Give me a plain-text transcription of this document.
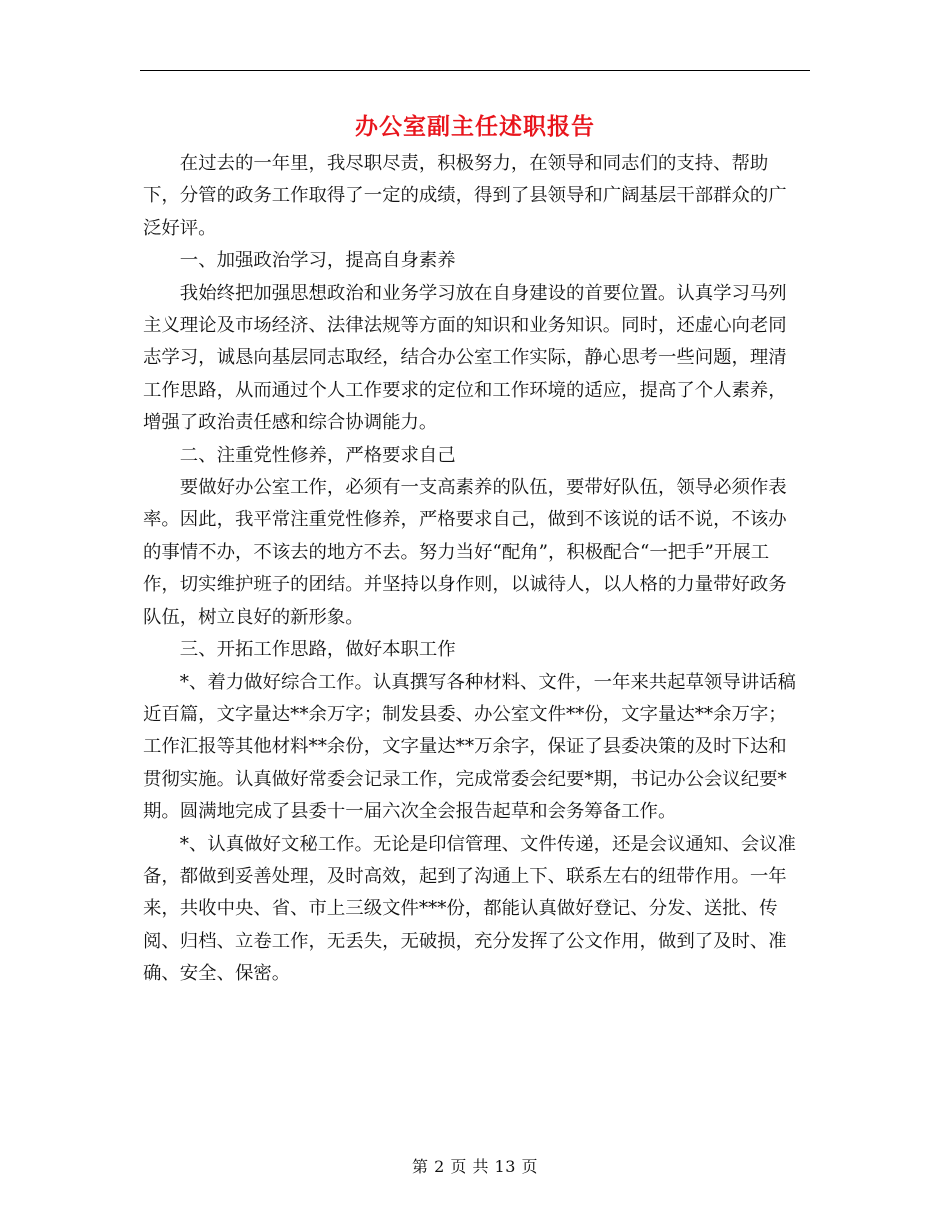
办公室副主任述职报告

在过去的一年里，我尽职尽责，积极努力，在领导和同志们的支持、帮助下，分管的政务工作取得了一定的成绩，得到了县领导和广阔基层干部群众的广泛好评。

一、加强政治学习，提高自身素养

我始终把加强思想政治和业务学习放在自身建设的首要位置。认真学习马列主义理论及市场经济、法律法规等方面的知识和业务知识。同时，还虚心向老同志学习，诚恳向基层同志取经，结合办公室工作实际，静心思考一些问题，理清工作思路，从而通过个人工作要求的定位和工作环境的适应，提高了个人素养，增强了政治责任感和综合协调能力。

二、注重党性修养，严格要求自己

要做好办公室工作，必须有一支高素养的队伍，要带好队伍，领导必须作表率。因此，我平常注重党性修养，严格要求自己，做到不该说的话不说，不该办的事情不办，不该去的地方不去。努力当好“配角”，积极配合“一把手”开展工作，切实维护班子的团结。并坚持以身作则，以诚待人，以人格的力量带好政务队伍，树立良好的新形象。

三、开拓工作思路，做好本职工作

*、着力做好综合工作。认真撰写各种材料、文件，一年来共起草领导讲话稿近百篇，文字量达**余万字；制发县委、办公室文件**份，文字量达**余万字；工作汇报等其他材料**余份，文字量达**万余字，保证了县委决策的及时下达和贯彻实施。认真做好常委会记录工作，完成常委会纪要*期，书记办公会议纪要*期。圆满地完成了县委十一届六次全会报告起草和会务筹备工作。

*、认真做好文秘工作。无论是印信管理、文件传递，还是会议通知、会议准备，都做到妥善处理，及时高效，起到了沟通上下、联系左右的纽带作用。一年来，共收中央、省、市上三级文件***份，都能认真做好登记、分发、送批、传阅、归档、立卷工作，无丢失，无破损，充分发挥了公文作用，做到了及时、准确、安全、保密。

第 2 页 共 13 页
